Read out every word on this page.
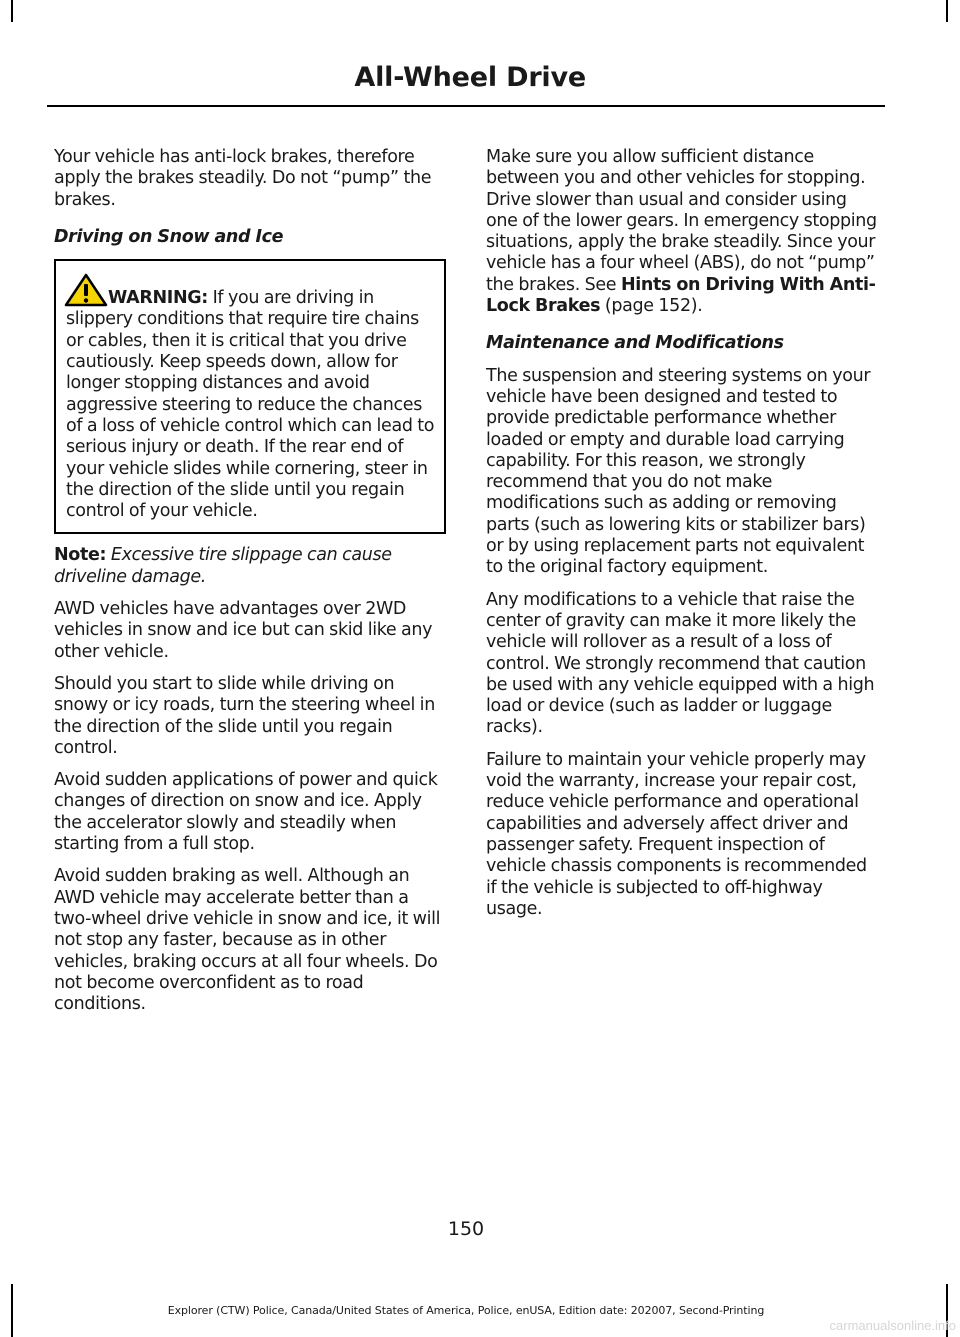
All-Wheel Drive

Your vehicle has anti-lock brakes, therefore apply the brakes steadily. Do not “pump” the brakes.

Driving on Snow and Ice

WARNING: If you are driving in slippery conditions that require tire chains or cables, then it is critical that you drive cautiously. Keep speeds down, allow for longer stopping distances and avoid aggressive steering to reduce the chances of a loss of vehicle control which can lead to serious injury or death. If the rear end of your vehicle slides while cornering, steer in the direction of the slide until you regain control of your vehicle.

Note: Excessive tire slippage can cause driveline damage.

AWD vehicles have advantages over 2WD vehicles in snow and ice but can skid like any other vehicle.

Should you start to slide while driving on snowy or icy roads, turn the steering wheel in the direction of the slide until you regain control.

Avoid sudden applications of power and quick changes of direction on snow and ice. Apply the accelerator slowly and steadily when starting from a full stop.

Avoid sudden braking as well. Although an AWD vehicle may accelerate better than a two-wheel drive vehicle in snow and ice, it will not stop any faster, because as in other vehicles, braking occurs at all four wheels. Do not become overconfident as to road conditions.

Make sure you allow sufficient distance between you and other vehicles for stopping. Drive slower than usual and consider using one of the lower gears. In emergency stopping situations, apply the brake steadily. Since your vehicle has a four wheel (ABS), do not “pump” the brakes. See Hints on Driving With Anti-Lock Brakes (page 152).

Maintenance and Modifications

The suspension and steering systems on your vehicle have been designed and tested to provide predictable performance whether loaded or empty and durable load carrying capability. For this reason, we strongly recommend that you do not make modifications such as adding or removing parts (such as lowering kits or stabilizer bars) or by using replacement parts not equivalent to the original factory equipment.

Any modifications to a vehicle that raise the center of gravity can make it more likely the vehicle will rollover as a result of a loss of control. We strongly recommend that caution be used with any vehicle equipped with a high load or device (such as ladder or luggage racks).

Failure to maintain your vehicle properly may void the warranty, increase your repair cost, reduce vehicle performance and operational capabilities and adversely affect driver and passenger safety. Frequent inspection of vehicle chassis components is recommended if the vehicle is subjected to off-highway usage.

150
Explorer (CTW) Police, Canada/United States of America, Police, enUSA, Edition date: 202007, Second-Printing
carmanualsonline.info
